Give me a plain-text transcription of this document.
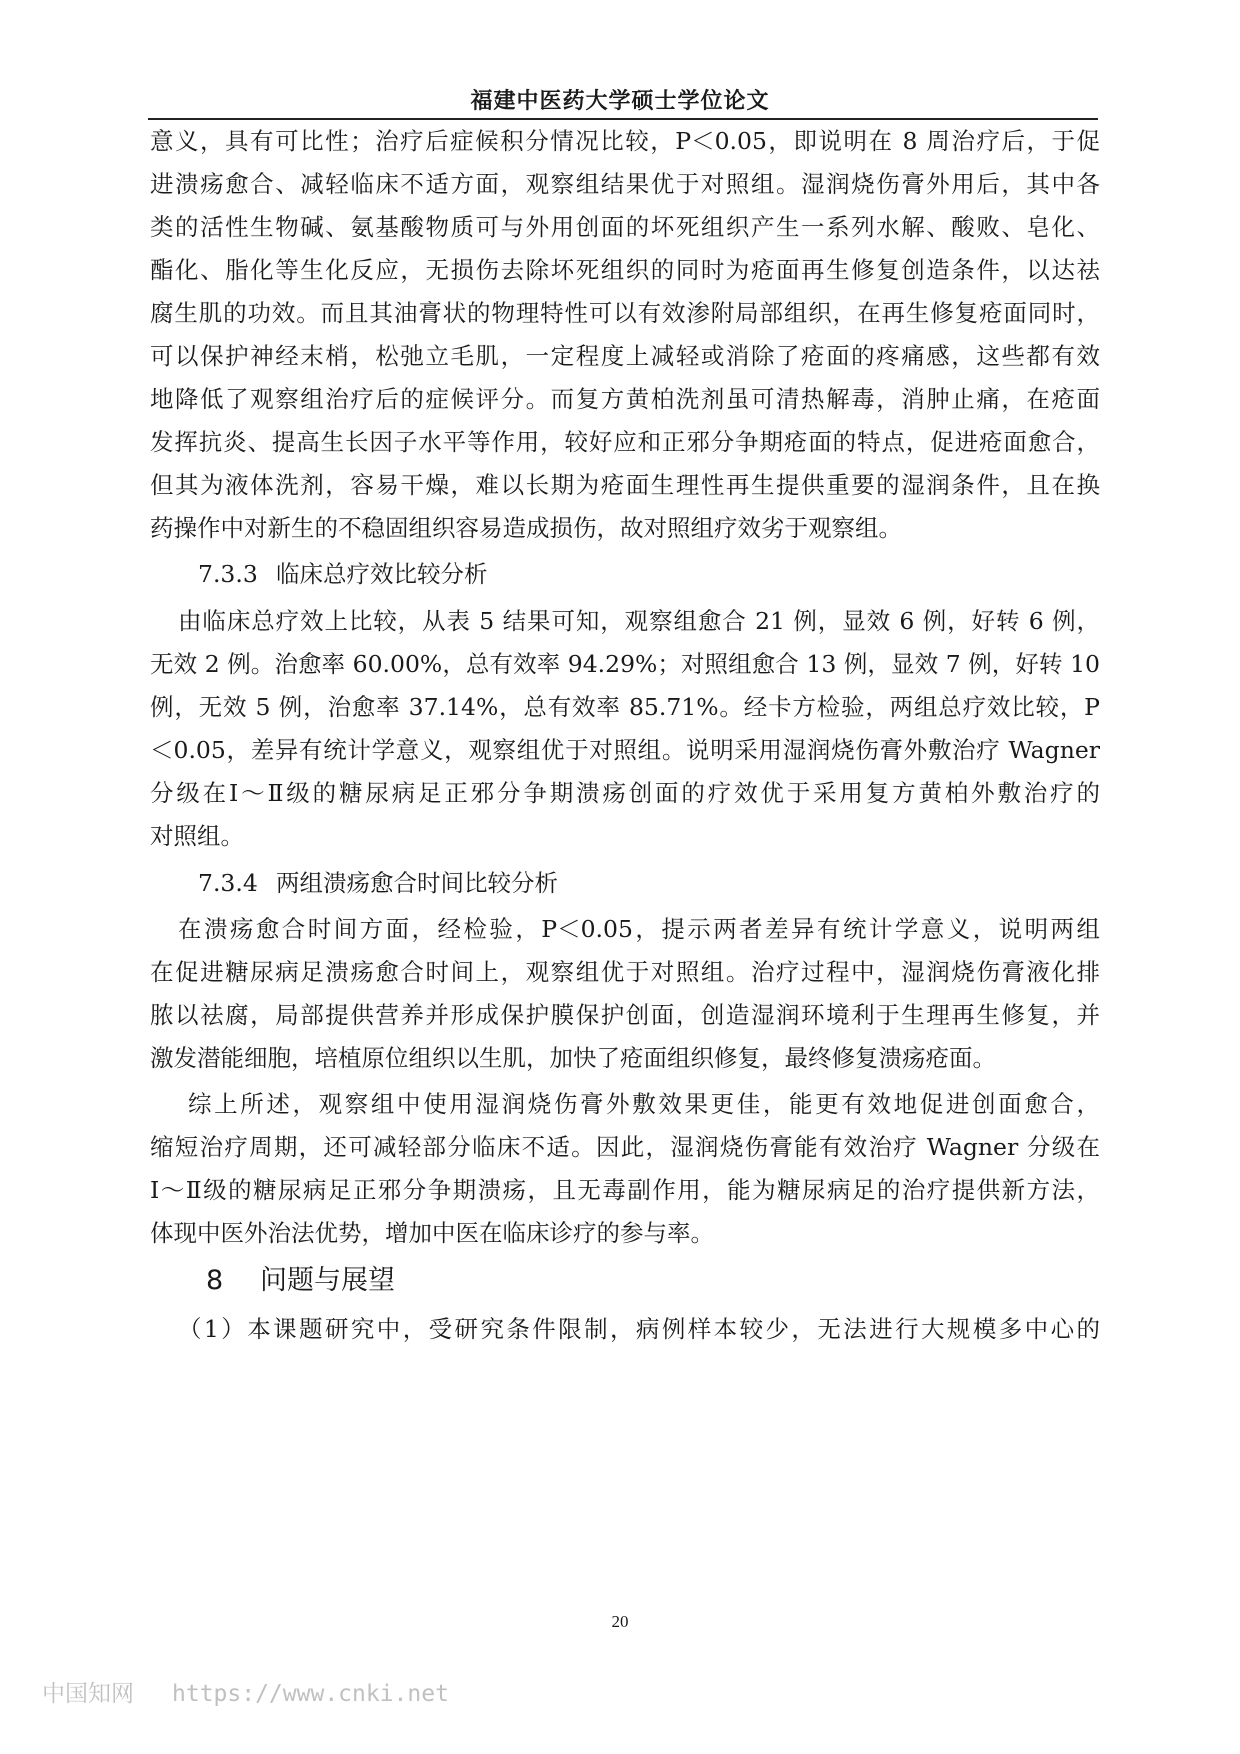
福建中医药大学硕士学位论文
意义，具有可比性；治疗后症候积分情况比较，P＜0.05，即说明在 8 周治疗后，于促
进溃疡愈合、减轻临床不适方面，观察组结果优于对照组。湿润烧伤膏外用后，其中各
类的活性生物碱、氨基酸物质可与外用创面的坏死组织产生一系列水解、酸败、皂化、
酯化、脂化等生化反应，无损伤去除坏死组织的同时为疮面再生修复创造条件，以达祛
腐生肌的功效。而且其油膏状的物理特性可以有效渗附局部组织，在再生修复疮面同时，
可以保护神经末梢，松弛立毛肌，一定程度上减轻或消除了疮面的疼痛感，这些都有效
地降低了观察组治疗后的症候评分。而复方黄柏洗剂虽可清热解毒，消肿止痛，在疮面
发挥抗炎、提高生长因子水平等作用，较好应和正邪分争期疮面的特点，促进疮面愈合，
但其为液体洗剂，容易干燥，难以长期为疮面生理性再生提供重要的湿润条件，且在换
药操作中对新生的不稳固组织容易造成损伤，故对照组疗效劣于观察组。
7.3.3 临床总疗效比较分析
由临床总疗效上比较，从表 5 结果可知，观察组愈合 21 例，显效 6 例，好转 6 例，
无效 2 例。治愈率 60.00%，总有效率 94.29%；对照组愈合 13 例，显效 7 例，好转 10
例，无效 5 例，治愈率 37.14%，总有效率 85.71%。经卡方检验，两组总疗效比较，P
＜0.05，差异有统计学意义，观察组优于对照组。说明采用湿润烧伤膏外敷治疗 Wagner
分级在Ⅰ～Ⅱ级的糖尿病足正邪分争期溃疡创面的疗效优于采用复方黄柏外敷治疗的
对照组。
7.3.4 两组溃疡愈合时间比较分析
在溃疡愈合时间方面，经检验，P＜0.05，提示两者差异有统计学意义，说明两组
在促进糖尿病足溃疡愈合时间上，观察组优于对照组。治疗过程中，湿润烧伤膏液化排
脓以祛腐，局部提供营养并形成保护膜保护创面，创造湿润环境利于生理再生修复，并
激发潜能细胞，培植原位组织以生肌，加快了疮面组织修复，最终修复溃疡疮面。
综上所述，观察组中使用湿润烧伤膏外敷效果更佳，能更有效地促进创面愈合，
缩短治疗周期，还可减轻部分临床不适。因此，湿润烧伤膏能有效治疗 Wagner 分级在
Ⅰ～Ⅱ级的糖尿病足正邪分争期溃疡，且无毒副作用，能为糖尿病足的治疗提供新方法，
体现中医外治法优势，增加中医在临床诊疗的参与率。
8 问题与展望
（1）本课题研究中，受研究条件限制，病例样本较少，无法进行大规模多中心的
20
中国知网 https://www.cnki.net
